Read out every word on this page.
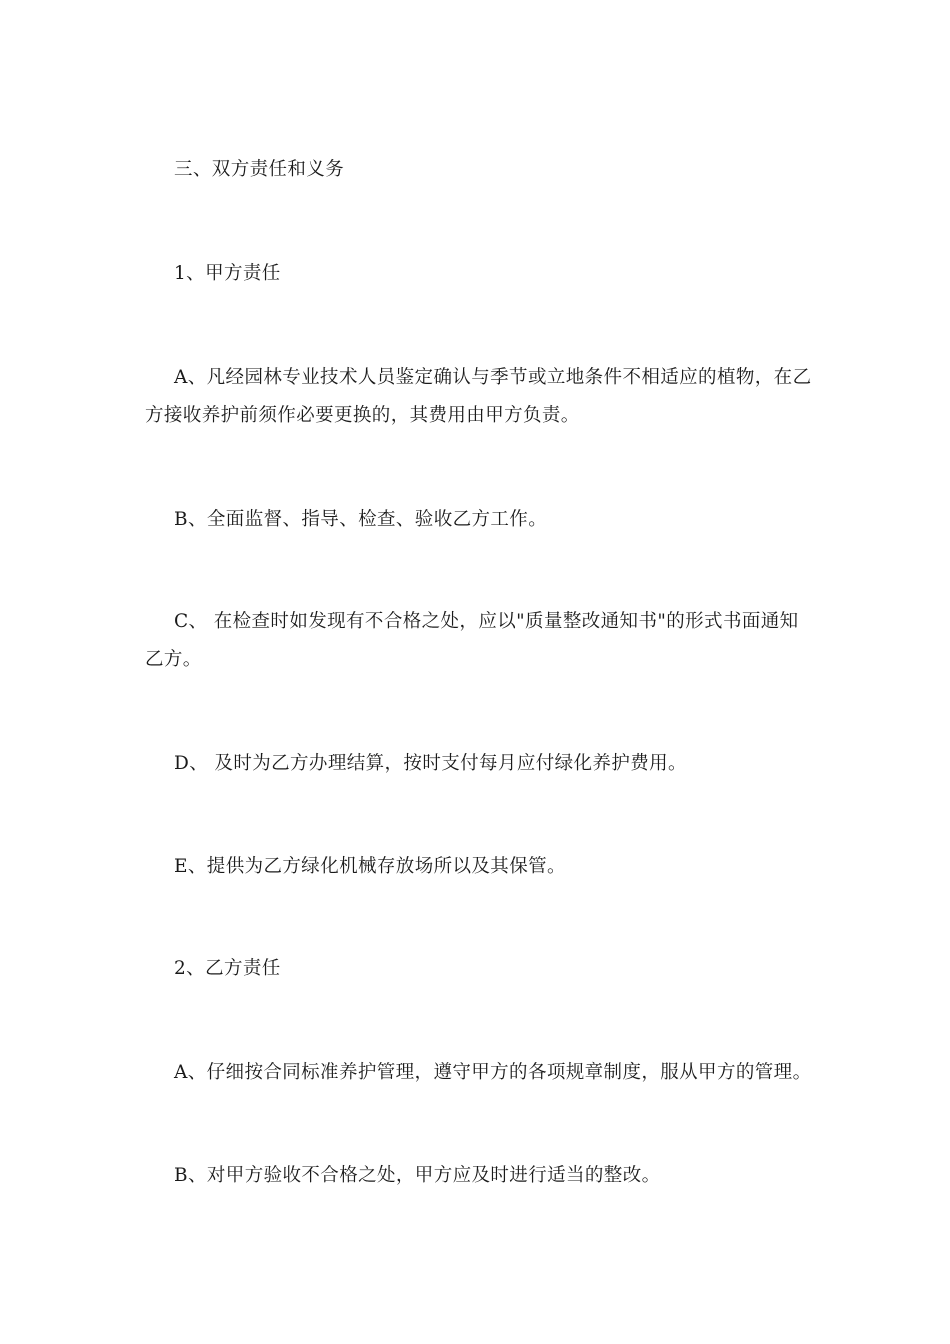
三、双方责任和义务

1、甲方责任

A、凡经园林专业技术人员鉴定确认与季节或立地条件不相适应的植物，在乙方接收养护前须作必要更换的，其费用由甲方负责。

B、全面监督、指导、检查、验收乙方工作。

C、 在检查时如发现有不合格之处，应以"质量整改通知书"的形式书面通知乙方。

D、 及时为乙方办理结算，按时支付每月应付绿化养护费用。

E、提供为乙方绿化机械存放场所以及其保管。

2、乙方责任

A、仔细按合同标准养护管理，遵守甲方的各项规章制度，服从甲方的管理。

B、对甲方验收不合格之处，甲方应及时进行适当的整改。
